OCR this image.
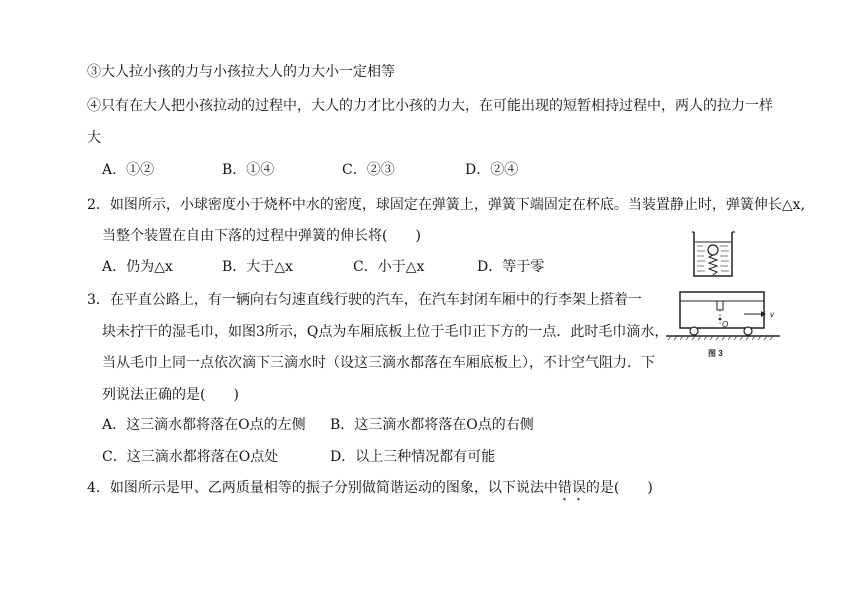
③大人拉小孩的力与小孩拉大人的力大小一定相等
④只有在大人把小孩拉动的过程中，大人的力才比小孩的力大，在可能出现的短暂相持过程中，两人的拉力一样
大
A．①②	B．①④	C．②③	D．②④
2．如图所示，小球密度小于烧杯中水的密度，球固定在弹簧上，弹簧下端固定在杯底。当装置静止时，弹簧伸长△x,
当整个装置在自由下落的过程中弹簧的伸长将(　　)
A．仍为△x	B．大于△x	C．小于△x	D．等于零
3．在平直公路上，有一辆向右匀速直线行驶的汽车，在汽车封闭车厢中的行李架上搭着一
块未拧干的湿毛巾，如图3所示，Q点为车厢底板上位于毛巾正下方的一点．此时毛巾滴水，
当从毛巾上同一点依次滴下三滴水时（设这三滴水都落在车厢底板上），不计空气阻力．下
列说法正确的是(　　)
O
v
图 3
A．这三滴水都将落在O点的左侧 B．这三滴水都将落在O点的右侧
C．这三滴水都将落在O点处	D．以上三种情况都有可能
4．如图所示是甲、乙两质量相等的振子分别做简谐运动的图象，以下说法中错误的是(　　)
